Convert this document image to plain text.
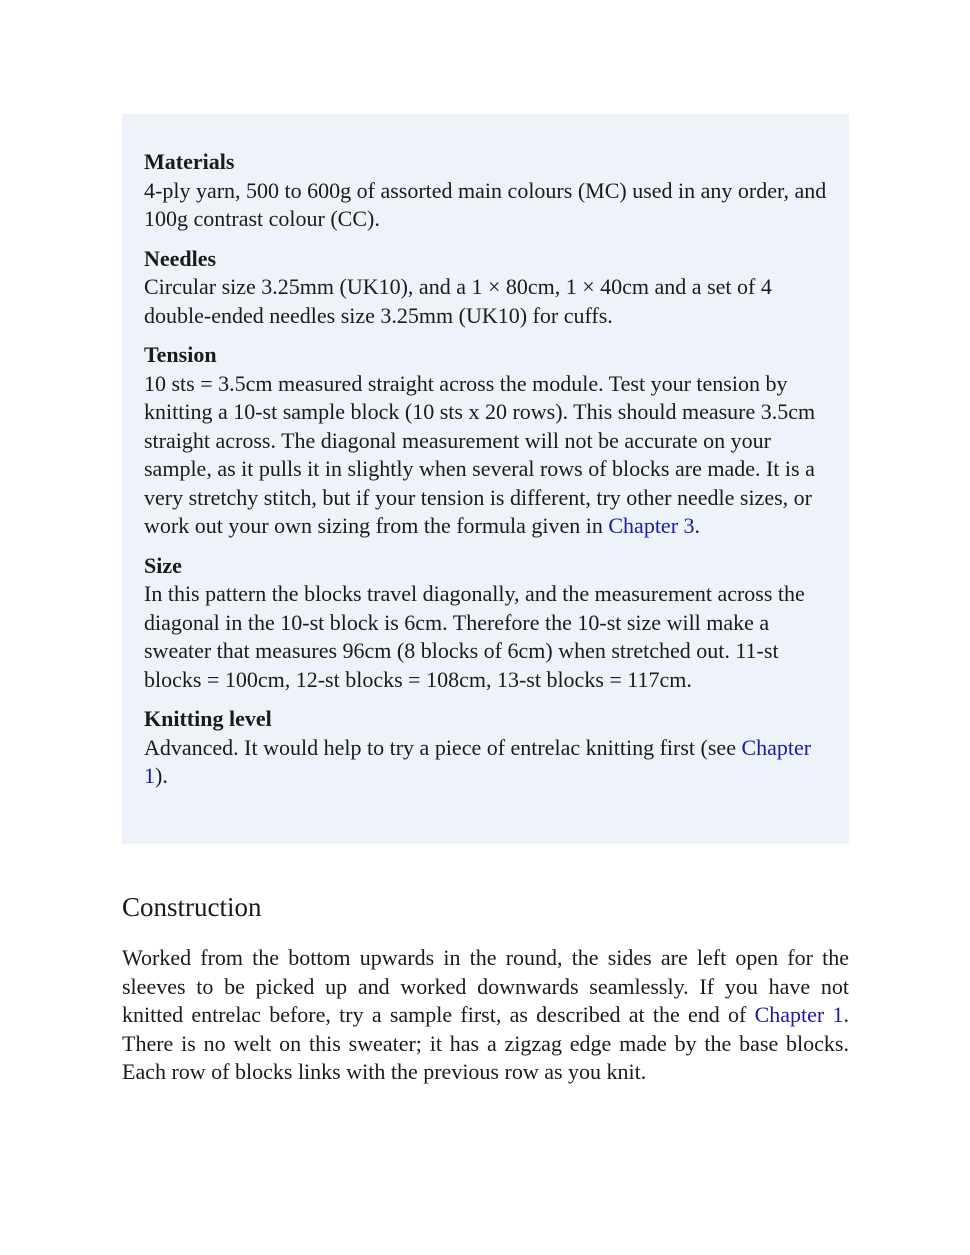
Materials

4-ply yarn, 500 to 600g of assorted main colours (MC) used in any order, and 100g contrast colour (CC).

Needles

Circular size 3.25mm (UK10), and a 1 × 80cm, 1 × 40cm and a set of 4 double-ended needles size 3.25mm (UK10) for cuffs.

Tension

10 sts = 3.5cm measured straight across the module. Test your tension by knitting a 10-st sample block (10 sts x 20 rows). This should measure 3.5cm straight across. The diagonal measurement will not be accurate on your sample, as it pulls it in slightly when several rows of blocks are made. It is a very stretchy stitch, but if your tension is different, try other needle sizes, or work out your own sizing from the formula given in Chapter 3.

Size

In this pattern the blocks travel diagonally, and the measurement across the diagonal in the 10-st block is 6cm. Therefore the 10-st size will make a sweater that measures 96cm (8 blocks of 6cm) when stretched out. 11-st blocks = 100cm, 12-st blocks = 108cm, 13-st blocks = 117cm.

Knitting level

Advanced. It would help to try a piece of entrelac knitting first (see Chapter 1).

Construction

Worked from the bottom upwards in the round, the sides are left open for the sleeves to be picked up and worked downwards seamlessly. If you have not knitted entrelac before, try a sample first, as described at the end of Chapter 1. There is no welt on this sweater; it has a zigzag edge made by the base blocks. Each row of blocks links with the previous row as you knit.
